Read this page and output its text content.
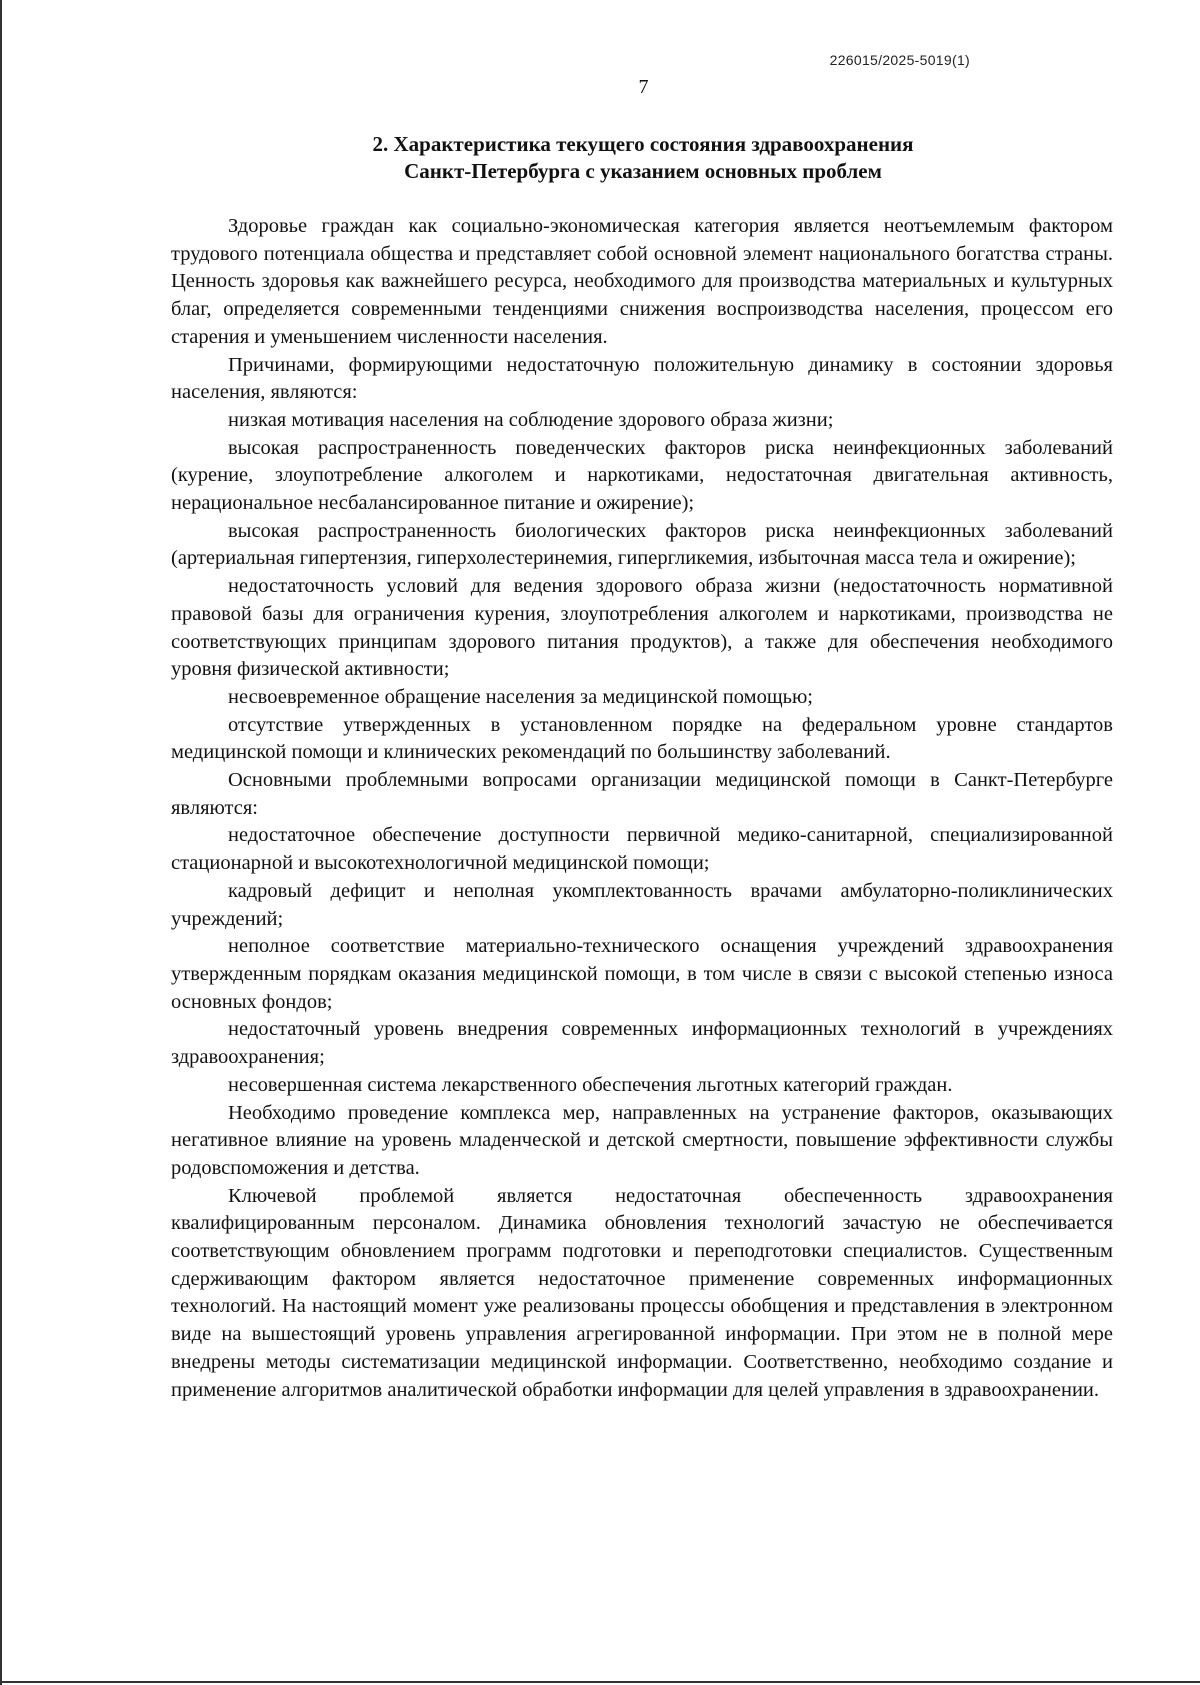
226015/2025-5019(1)
7
2. Характеристика текущего состояния здравоохранения
Санкт-Петербурга с указанием основных проблем

Здоровье граждан как социально-экономическая категория является неотъемлемым фактором трудового потенциала общества и представляет собой основной элемент национального богатства страны. Ценность здоровья как важнейшего ресурса, необходимого для производства материальных и культурных благ, определяется современными тенденциями снижения воспроизводства населения, процессом его старения и уменьшением численности населения.

Причинами, формирующими недостаточную положительную динамику в состоянии здоровья населения, являются:

низкая мотивация населения на соблюдение здорового образа жизни;

высокая распространенность поведенческих факторов риска неинфекционных заболеваний (курение, злоупотребление алкоголем и наркотиками, недостаточная двигательная активность, нерациональное несбалансированное питание и ожирение);

высокая распространенность биологических факторов риска неинфекционных заболеваний (артериальная гипертензия, гиперхолестеринемия, гипергликемия, избыточная масса тела и ожирение);

недостаточность условий для ведения здорового образа жизни (недостаточность нормативной правовой базы для ограничения курения, злоупотребления алкоголем и наркотиками, производства не соответствующих принципам здорового питания продуктов), а также для обеспечения необходимого уровня физической активности;

несвоевременное обращение населения за медицинской помощью;

отсутствие утвержденных в установленном порядке на федеральном уровне стандартов медицинской помощи и клинических рекомендаций по большинству заболеваний.

Основными проблемными вопросами организации медицинской помощи в Санкт-Петербурге являются:

недостаточное обеспечение доступности первичной медико-санитарной, специализированной стационарной и высокотехнологичной медицинской помощи;

кадровый дефицит и неполная укомплектованность врачами амбулаторно-поликлинических учреждений;

неполное соответствие материально-технического оснащения учреждений здравоохранения утвержденным порядкам оказания медицинской помощи, в том числе в связи с высокой степенью износа основных фондов;

недостаточный уровень внедрения современных информационных технологий в учреждениях здравоохранения;

несовершенная система лекарственного обеспечения льготных категорий граждан.

Необходимо проведение комплекса мер, направленных на устранение факторов, оказывающих негативное влияние на уровень младенческой и детской смертности, повышение эффективности службы родовспоможения и детства.

Ключевой проблемой является недостаточная обеспеченность здравоохранения квалифицированным персоналом. Динамика обновления технологий зачастую не обеспечивается соответствующим обновлением программ подготовки и переподготовки специалистов. Существенным сдерживающим фактором является недостаточное применение современных информационных технологий. На настоящий момент уже реализованы процессы обобщения и представления в электронном виде на вышестоящий уровень управления агрегированной информации. При этом не в полной мере внедрены методы систематизации медицинской информации. Соответственно, необходимо создание и применение алгоритмов аналитической обработки информации для целей управления в здравоохранении.
